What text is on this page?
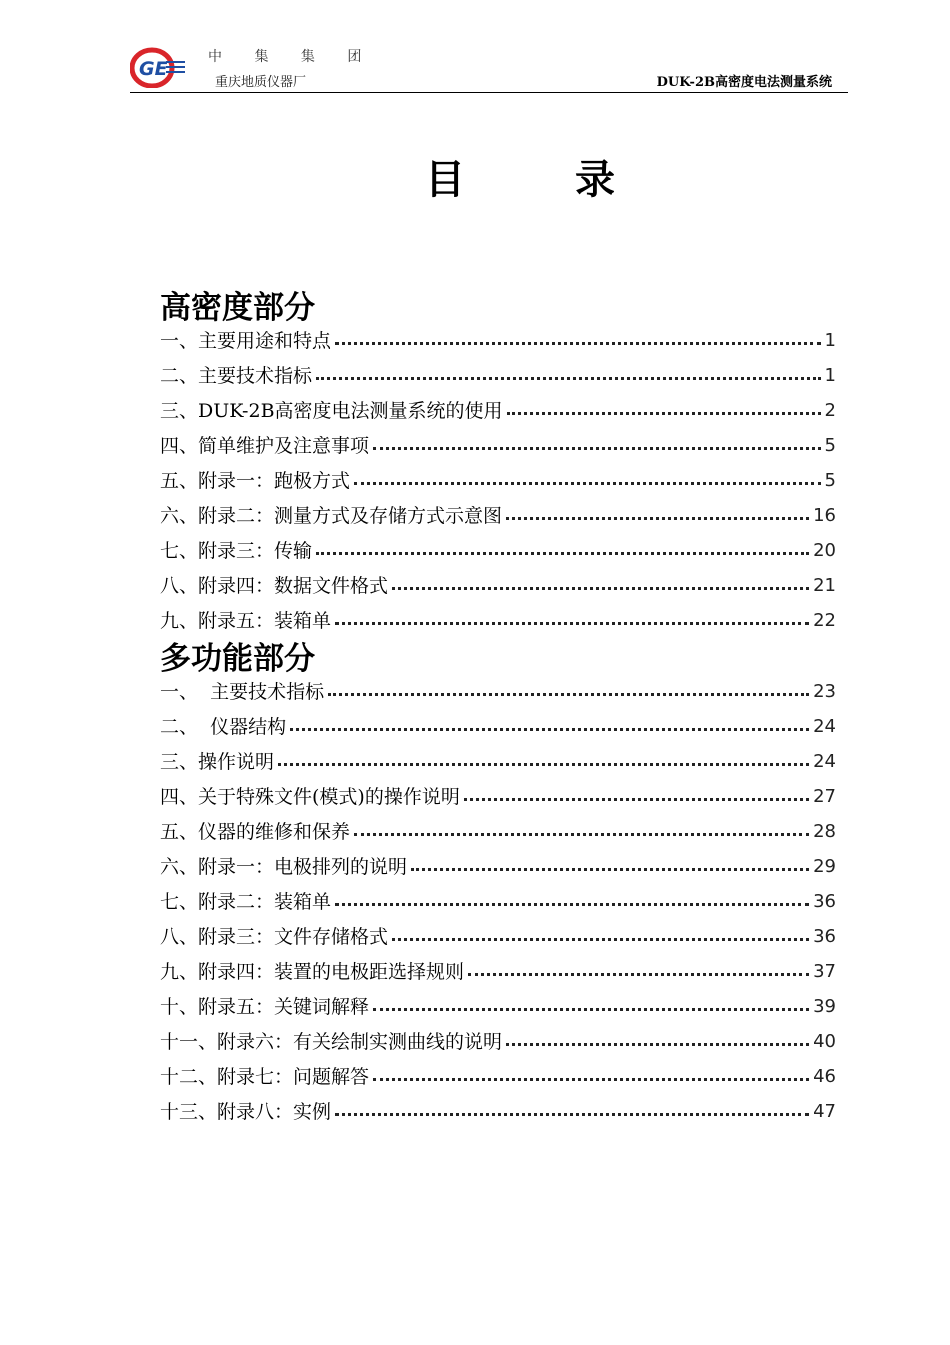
GE
中 集 集 团
重庆地质仪器厂	DUK-2B高密度电法测量系统
目	录
高密度部分
一、主要用途和特点	1
二、主要技术指标	1
三、DUK-2B高密度电法测量系统的使用	2
四、简单维护及注意事项	5
五、附录一：跑极方式	5
六、附录二：测量方式及存储方式示意图	16
七、附录三：传输	20
八、附录四：数据文件格式	21
九、附录五：装箱单	22
多功能部分
一、  主要技术指标	23
二、  仪器结构	24
三、操作说明	24
四、关于特殊文件(模式)的操作说明	27
五、仪器的维修和保养	28
六、附录一：电极排列的说明	29
七、附录二：装箱单	36
八、附录三：文件存储格式	36
九、附录四：装置的电极距选择规则	37
十、附录五：关键词解释	39
十一、附录六：有关绘制实测曲线的说明	40
十二、附录七：问题解答	46
十三、附录八：实例	47
